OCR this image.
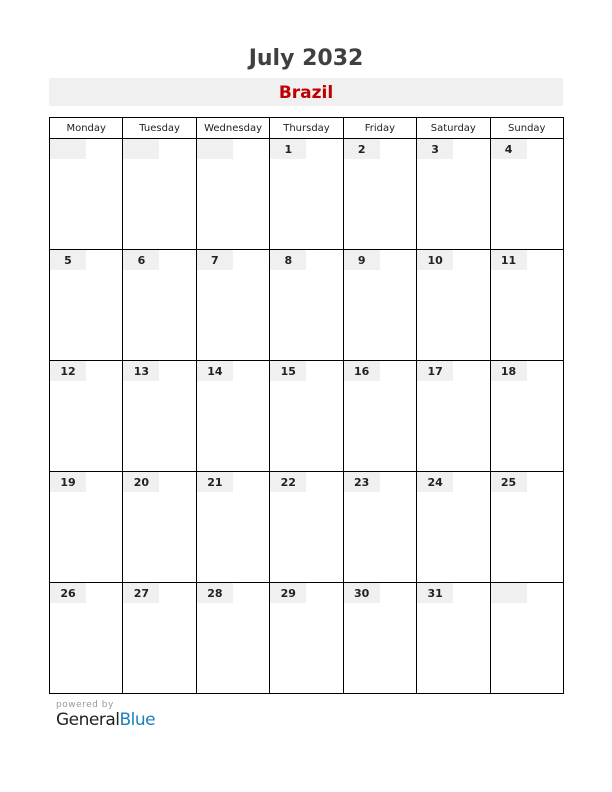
July 2032
Brazil
Monday	Tuesday	Wednesday	Thursday	Friday	Saturday	Sunday

			1	2	3	4

5	6	7	8	9	10	11

12	13	14	15	16	17	18

19	20	21	22	23	24	25

26	27	28	29	30	31	

powered by
GeneralBlue
